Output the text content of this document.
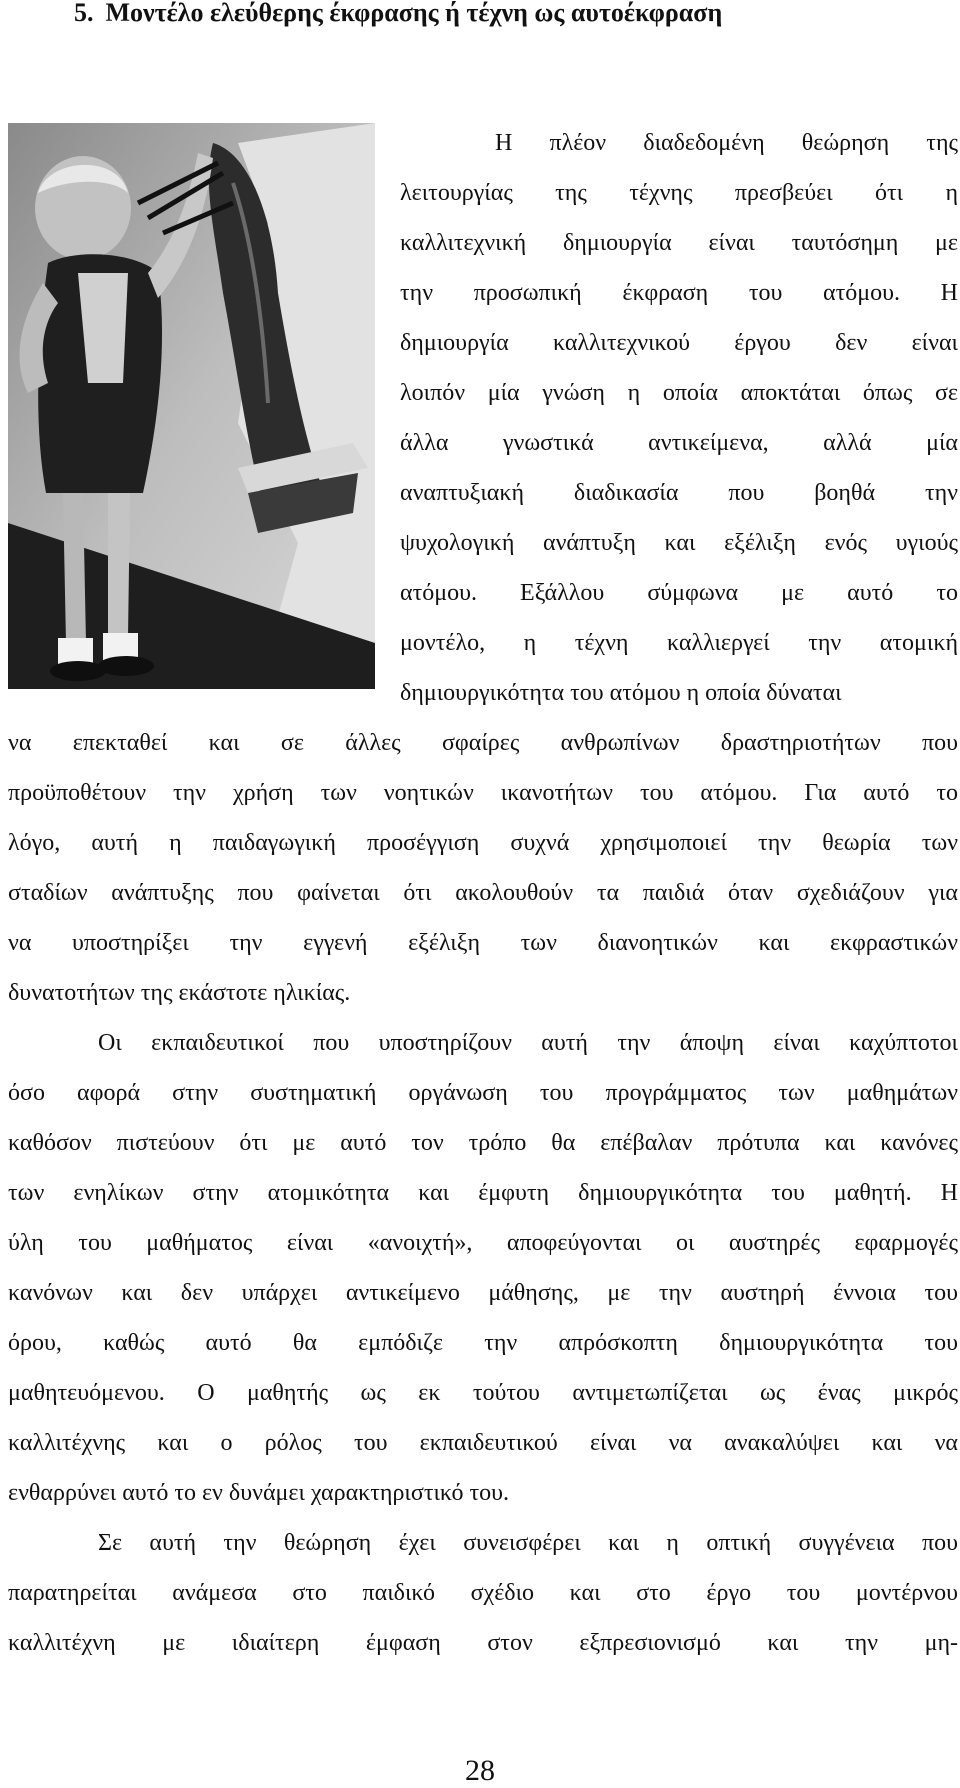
5. Μοντέλο ελεύθερης έκφρασης ή τέχνη ως αυτοέκφραση

Η πλέον διαδεδομένη θεώρηση της

λειτουργίας της τέχνης πρεσβεύει ότι η

καλλιτεχνική δημιουργία είναι ταυτόσημη με

την προσωπική έκφραση του ατόμου. Η

δημιουργία καλλιτεχνικού έργου δεν είναι

λοιπόν μία γνώση η οποία αποκτάται όπως σε

άλλα γνωστικά αντικείμενα, αλλά μία

αναπτυξιακή διαδικασία που βοηθά την

ψυχολογική ανάπτυξη και εξέλιξη ενός υγιούς

ατόμου. Εξάλλου σύμφωνα με αυτό το

μοντέλο, η τέχνη καλλιεργεί την ατομική

δημιουργικότητα του ατόμου η οποία δύναται

να επεκταθεί και σε άλλες σφαίρες ανθρωπίνων δραστηριοτήτων που

προϋποθέτουν την χρήση των νοητικών ικανοτήτων του ατόμου. Για αυτό το

λόγο, αυτή η παιδαγωγική προσέγγιση συχνά χρησιμοποιεί την θεωρία των

σταδίων ανάπτυξης που φαίνεται ότι ακολουθούν τα παιδιά όταν σχεδιάζουν για

να υποστηρίξει την εγγενή εξέλιξη των διανοητικών και εκφραστικών

δυνατοτήτων της εκάστοτε ηλικίας.

Οι εκπαιδευτικοί που υποστηρίζουν αυτή την άποψη είναι καχύπτοτοι

όσο αφορά στην συστηματική οργάνωση του προγράμματος των μαθημάτων

καθόσον πιστεύουν ότι με αυτό τον τρόπο θα επέβαλαν πρότυπα και κανόνες

των ενηλίκων στην ατομικότητα και έμφυτη δημιουργικότητα του μαθητή. Η

ύλη του μαθήματος είναι «ανοιχτή», αποφεύγονται οι αυστηρές εφαρμογές

κανόνων και δεν υπάρχει αντικείμενο μάθησης, με την αυστηρή έννοια του

όρου, καθώς αυτό θα εμπόδιζε την απρόσκοπτη δημιουργικότητα του

μαθητευόμενου. Ο μαθητής ως εκ τούτου αντιμετωπίζεται ως ένας μικρός

καλλιτέχνης και ο ρόλος του εκπαιδευτικού είναι να ανακαλύψει και να

ενθαρρύνει αυτό το εν δυνάμει χαρακτηριστικό του.

Σε αυτή την θεώρηση έχει συνεισφέρει και η οπτική συγγένεια που

παρατηρείται ανάμεσα στο παιδικό σχέδιο και στο έργο του μοντέρνου

καλλιτέχνη με ιδιαίτερη έμφαση στον εξπρεσιονισμό και την μη-

28
